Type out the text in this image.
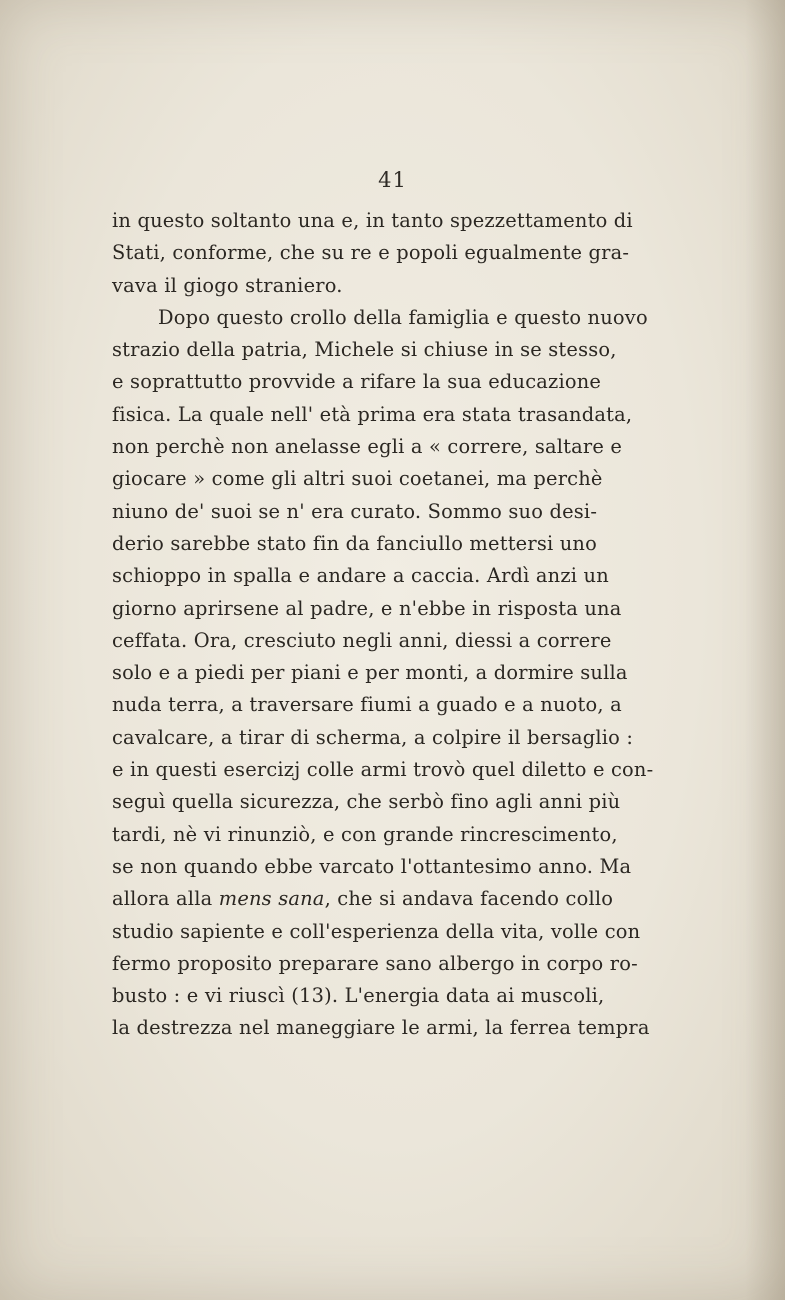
41
in questo soltanto una e, in tanto spezzettamento di
Stati, conforme, che su re e popoli egualmente gra-
vava il giogo straniero.
Dopo questo crollo della famiglia e questo nuovo
strazio della patria, Michele si chiuse in se stesso,
e soprattutto provvide a rifare la sua educazione
fisica. La quale nell' età prima era stata trasandata,
non perchè non anelasse egli a « correre, saltare e
giocare » come gli altri suoi coetanei, ma perchè
niuno de' suoi se n' era curato. Sommo suo desi-
derio sarebbe stato fin da fanciullo mettersi uno
schioppo in spalla e andare a caccia. Ardì anzi un
giorno aprirsene al padre, e n'ebbe in risposta una
ceffata. Ora, cresciuto negli anni, diessi a correre
solo e a piedi per piani e per monti, a dormire sulla
nuda terra, a traversare fiumi a guado e a nuoto, a
cavalcare, a tirar di scherma, a colpire il bersaglio :
e in questi esercizj colle armi trovò quel diletto e con-
seguì quella sicurezza, che serbò fino agli anni più
tardi, nè vi rinunziò, e con grande rincrescimento,
se non quando ebbe varcato l'ottantesimo anno. Ma
allora alla mens sana, che si andava facendo collo
studio sapiente e coll'esperienza della vita, volle con
fermo proposito preparare sano albergo in corpo ro-
busto : e vi riuscì (13). L'energia data ai muscoli,
la destrezza nel maneggiare le armi, la ferrea tempra
